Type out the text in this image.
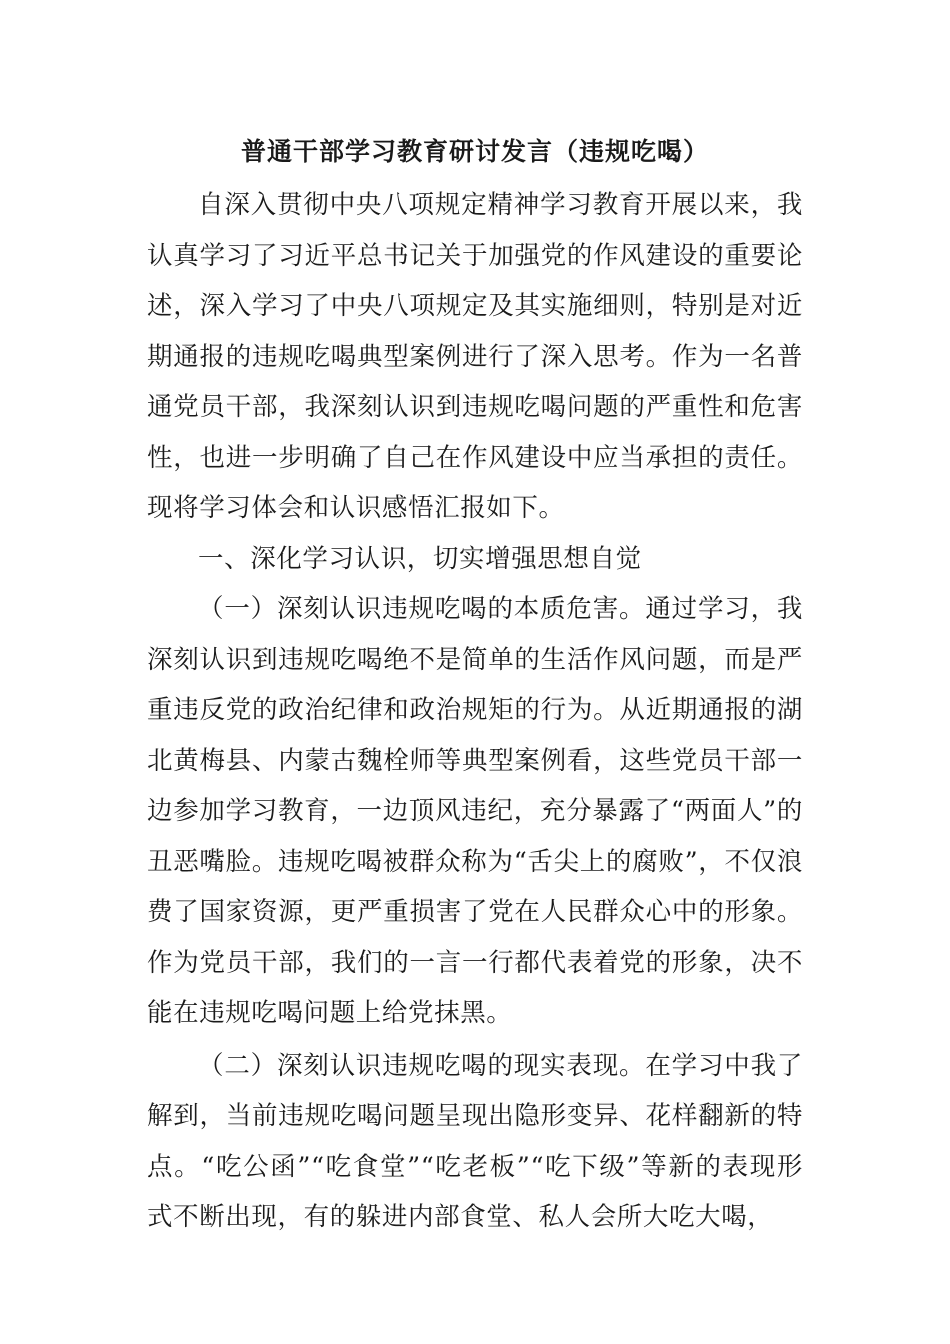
普通干部学习教育研讨发言（违规吃喝）

自深入贯彻中央八项规定精神学习教育开展以来，我认真学习了习近平总书记关于加强党的作风建设的重要论述，深入学习了中央八项规定及其实施细则，特别是对近期通报的违规吃喝典型案例进行了深入思考。作为一名普通党员干部，我深刻认识到违规吃喝问题的严重性和危害性，也进一步明确了自己在作风建设中应当承担的责任。现将学习体会和认识感悟汇报如下。

一、深化学习认识，切实增强思想自觉

（一）深刻认识违规吃喝的本质危害。通过学习，我深刻认识到违规吃喝绝不是简单的生活作风问题，而是严重违反党的政治纪律和政治规矩的行为。从近期通报的湖北黄梅县、内蒙古魏栓师等典型案例看，这些党员干部一边参加学习教育，一边顶风违纪，充分暴露了“两面人”的丑恶嘴脸。违规吃喝被群众称为“舌尖上的腐败”，不仅浪费了国家资源，更严重损害了党在人民群众心中的形象。作为党员干部，我们的一言一行都代表着党的形象，决不能在违规吃喝问题上给党抹黑。

（二）深刻认识违规吃喝的现实表现。在学习中我了解到，当前违规吃喝问题呈现出隐形变异、花样翻新的特点。“吃公函”“吃食堂”“吃老板”“吃下级”等新的表现形式不断出现，有的躲进内部食堂、私人会所大吃大喝，
